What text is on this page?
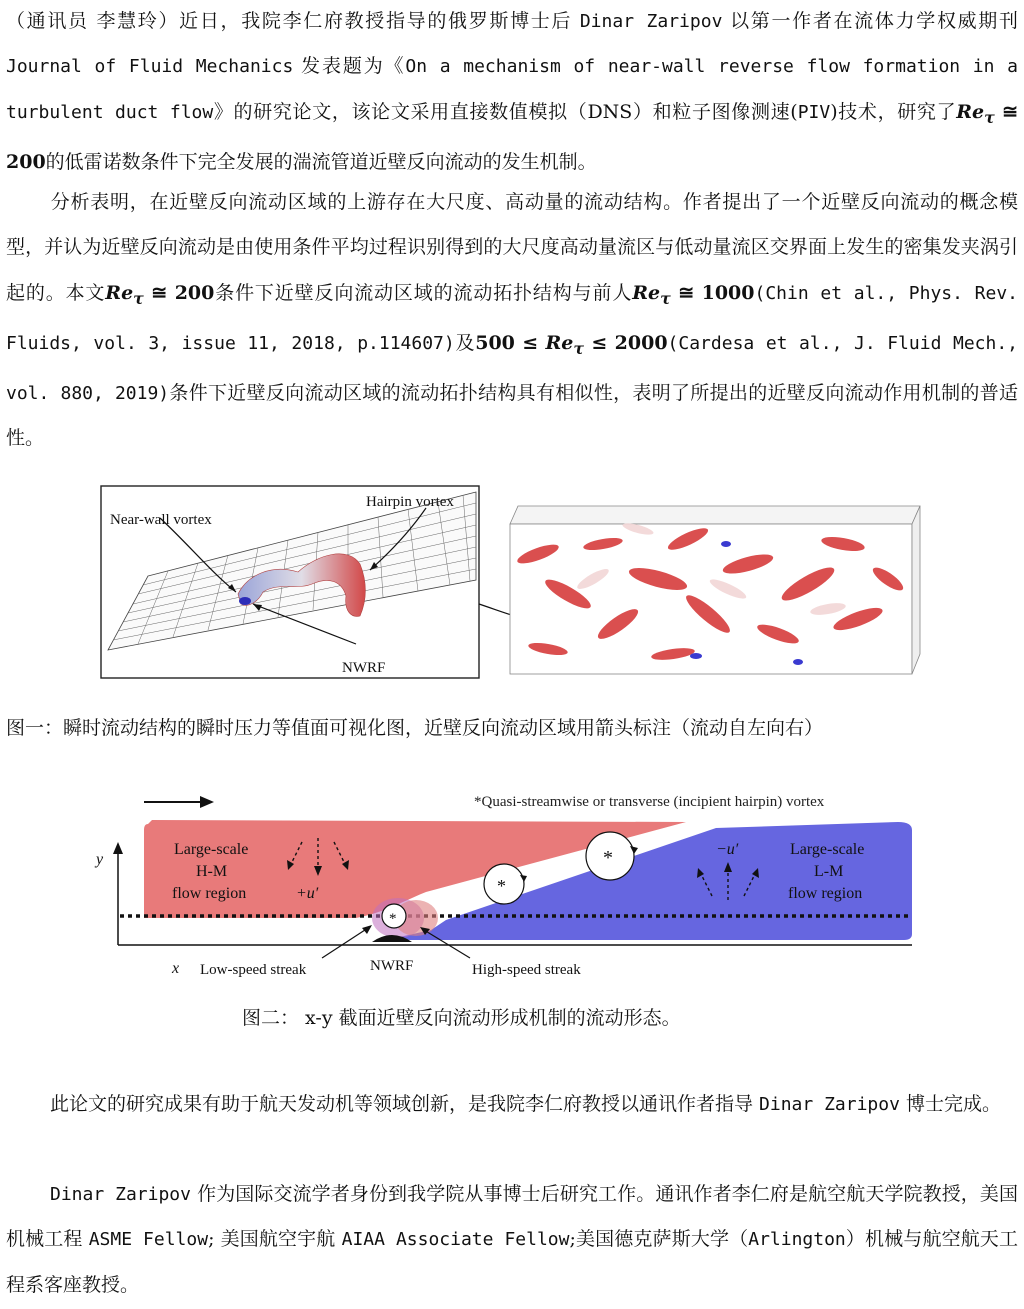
（通讯员 李慧玲）近日，我院李仁府教授指导的俄罗斯博士后 Dinar Zaripov 以第一作者在流体力学权威期刊 Journal of Fluid Mechanics 发表题为《On a mechanism of near-wall reverse flow formation in a turbulent duct flow》的研究论文，该论文采用直接数值模拟（DNS）和粒子图像测速(PIV)技术，研究了$Re_\tau$ ≅ 200的低雷诺数条件下完全发展的湍流管道近壁反向流动的发生机制。

分析表明，在近壁反向流动区域的上游存在大尺度、高动量的流动结构。作者提出了一个近壁反向流动的概念模型，并认为近壁反向流动是由使用条件平均过程识别得到的大尺度高动量流区与低动量流区交界面上发生的密集发夹涡引起的。本文$Re_\tau$ ≅ 200条件下近壁反向流动区域的流动拓扑结构与前人$Re_\tau$ ≅ 1000(Chin et al., Phys. Rev. Fluids, vol. 3, issue 11, 2018, p.114607)及$500 \le Re_\tau$ ≤ 2000(Cardesa et al., J. Fluid Mech., vol. 880, 2019)条件下近壁反向流动区域的流动拓扑结构具有相似性，表明了所提出的近壁反向流动作用机制的普适性。

Near-wall vortex
Hairpin vortex
NWRF

图一：瞬时流动结构的瞬时压力等值面可视化图，近壁反向流动区域用箭头标注（流动自左向右）

*Quasi-streamwise or transverse (incipient hairpin) vortex
y
x
Large-scale
H-M
flow region
Large-scale
L-M
flow region
+u′
−u′
*
*
*
Low-speed streak	NWRF	High-speed streak

图二： x-y 截面近壁反向流动形成机制的流动形态。

此论文的研究成果有助于航天发动机等领域创新，是我院李仁府教授以通讯作者指导 Dinar Zaripov 博士完成。

Dinar Zaripov 作为国际交流学者身份到我学院从事博士后研究工作。通讯作者李仁府是航空航天学院教授，美国机械工程 ASME Fellow; 美国航空宇航 AIAA Associate Fellow;美国德克萨斯大学（Arlington）机械与航空航天工程系客座教授。
